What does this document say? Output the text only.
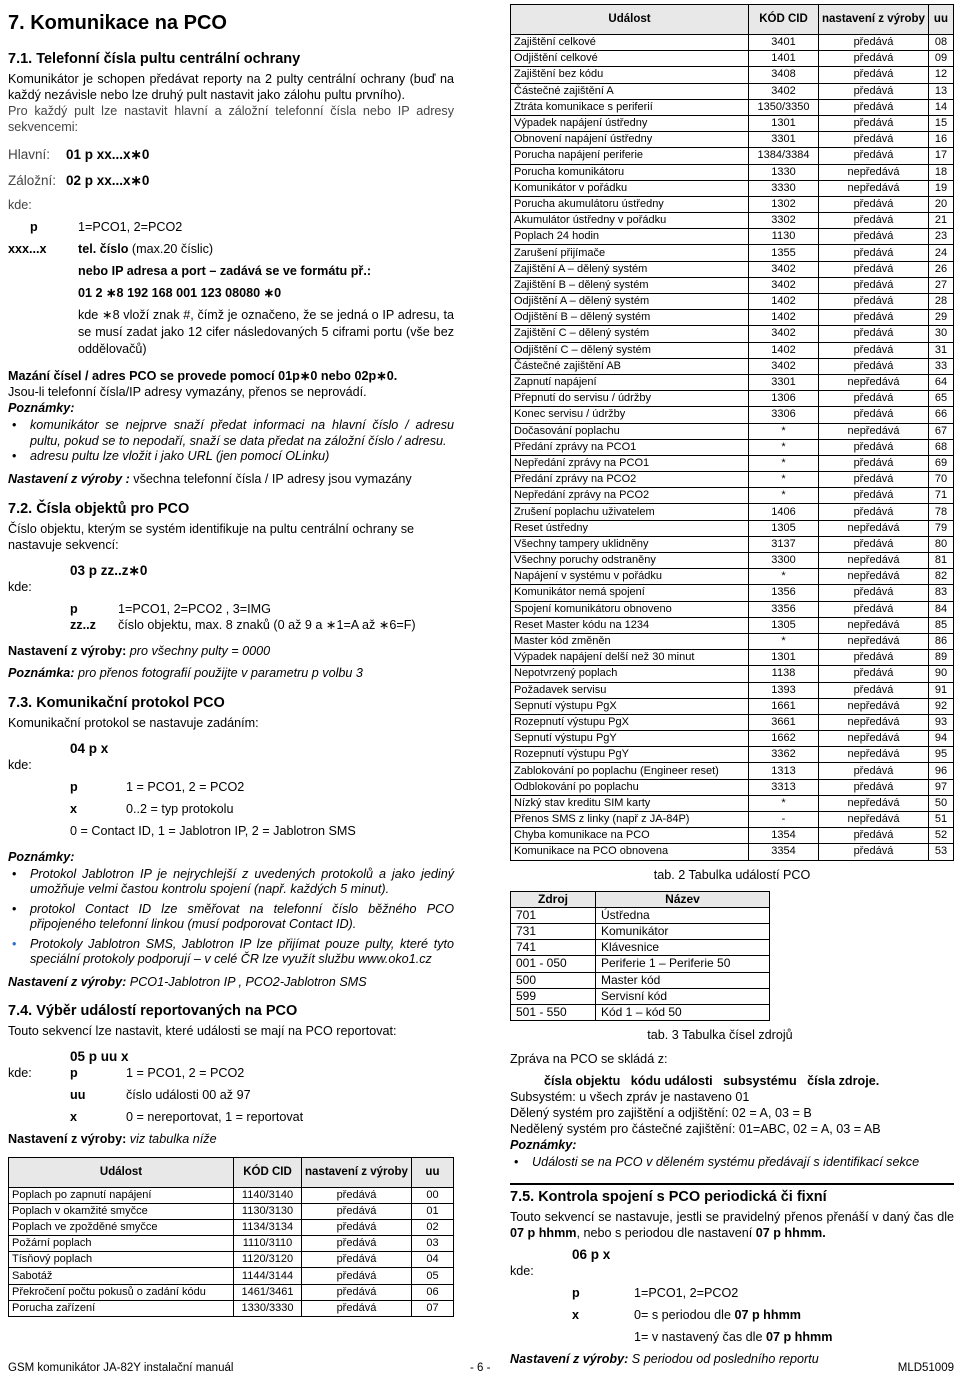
7. Komunikace na PCO
7.1. Telefonní čísla pultu centrální ochrany

Komunikátor je schopen předávat reporty na 2 pulty centrální ochrany (buď na každý nezávisle nebo lze druhý pult nastavit jako zálohu pultu prvního).

Pro každý pult lze nastavit hlavní a záložní telefonní čísla nebo IP adresy sekvencemi:

Hlavní:	01 p xx...x∗0
Záložní: 02 p xx...x∗0

kde:

p	1=PCO1, 2=PCO2
xxx...x	tel. číslo (max.20 číslic)

nebo IP adresa a port – zadává se ve formátu př.:

01 2 ∗8 192 168 001 123 08080 ∗0

kde ∗8 vloží znak #, čímž je označeno, že se jedná o IP adresu, ta se musí zadat jako 12 cifer následovaných 5 ciframi portu (vše bez oddělovačů)

Mazání čísel / adres PCO se provede pomocí 01p∗0 nebo 02p∗0.

Jsou-li telefonní čísla/IP adresy vymazány, přenos se neprovádí.

Poznámky:

• komunikátor se nejprve snaží předat informaci na hlavní číslo / adresu pultu, pokud se to nepodaří, snaží se data předat na záložní číslo / adresu.
• adresu pultu lze vložit i jako URL (jen pomocí OLinku)

Nastavení z výroby : všechna telefonní čísla / IP adresy jsou vymazány

7.2. Čísla objektů pro PCO

Číslo objektu, kterým se systém identifikuje na pultu centrální ochrany se nastavuje sekvencí:

03 p zz..z∗0

kde:

p	1=PCO1, 2=PCO2 , 3=IMG
zz..z	číslo objektu, max. 8 znaků (0 až 9 a ∗1=A až ∗6=F)

Nastavení z výroby: pro všechny pulty = 0000

Poznámka: pro přenos fotografií použijte v parametru p volbu 3

7.3. Komunikační protokol PCO

Komunikační protokol se nastavuje zadáním:

04 p x

kde:

p	1 = PCO1, 2 = PCO2
x	0..2 = typ protokolu

0 = Contact ID, 1 = Jablotron IP, 2 = Jablotron SMS

Poznámky:

• Protokol Jablotron IP je nejrychlejší z uvedených protokolů a jako jediný umožňuje velmi častou kontrolu spojení (např. každých 5 minut).
• protokol Contact ID lze směřovat na telefonní číslo běžného PCO připojeného telefonní linkou (musí podporovat Contact ID).
• Protokoly Jablotron SMS, Jablotron IP lze přijímat pouze pulty, které tyto speciální protokoly podporují – v celé ČR lze využít službu www.oko1.cz

Nastavení z výroby: PCO1-Jablotron IP , PCO2-Jablotron SMS

7.4. Výběr událostí reportovaných na PCO

Touto sekvencí lze nastavit, které události se mají na PCO reportovat:

05 p uu x

kde:	p	1 = PCO1, 2 = PCO2
uu	číslo události 00 až 97
x	0 = nereportovat, 1 = reportovat

Nastavení z výroby: viz tabulka níže

Událost	KÓD CID	nastavení z výroby	uu
Poplach po zapnutí napájení	1140/3140	předává	00
Poplach v okamžité smyčce	1130/3130	předává	01
Poplach ve zpožděné smyčce	1134/3134	předává	02
Požární poplach	1110/3110	předává	03
Tísňový poplach	1120/3120	předává	04
Sabotáž	1144/3144	předává	05
Překročení počtu pokusů o zadání kódu	1461/3461	předává	06
Porucha zařízení	1330/3330	předává	07
Událost	KÓD CID	nastavení z výroby	uu
Zajištění celkové	3401	předává	08
Odjištění celkové	1401	předává	09
Zajištění bez kódu	3408	předává	12
Částečné zajištění A	3402	předává	13
Ztráta komunikace s periferií	1350/3350	předává	14
Výpadek napájení ústředny	1301	předává	15
Obnovení napájení ústředny	3301	předává	16
Porucha napájení periferie	1384/3384	předává	17
Porucha komunikátoru	1330	nepředává	18
Komunikátor v pořádku	3330	nepředává	19
Porucha akumulátoru ústředny	1302	předává	20
Akumulátor ústředny v pořádku	3302	předává	21
Poplach 24 hodin	1130	předává	23
Zarušení přijímače	1355	předává	24
Zajištění A – dělený systém	3402	předává	26
Zajištění B – dělený systém	3402	předává	27
Odjištění A – dělený systém	1402	předává	28
Odjištění B – dělený systém	1402	předává	29
Zajištění C – dělený systém	3402	předává	30
Odjištění C – dělený systém	1402	předává	31
Částečné zajištění AB	3402	předává	33
Zapnutí napájení	3301	nepředává	64
Přepnutí do servisu / údržby	1306	předává	65
Konec servisu / údržby	3306	předává	66
Dočasování poplachu	*	nepředává	67
Předání zprávy na PCO1	*	předává	68
Nepředání zprávy na PCO1	*	předává	69
Předání zprávy na PCO2	*	předává	70
Nepředání zprávy na PCO2	*	předává	71
Zrušení poplachu uživatelem	1406	předává	78
Reset ústředny	1305	nepředává	79
Všechny tampery uklidněny	3137	předává	80
Všechny poruchy odstraněny	3300	nepředává	81
Napájení v systému v pořádku	*	nepředává	82
Komunikátor nemá spojení	1356	předává	83
Spojení komunikátoru obnoveno	3356	předává	84
Reset Master kódu na 1234	1305	nepředává	85
Master kód změněn	*	nepředává	86
Výpadek napájení delší než 30 minut	1301	předává	89
Nepotvrzený poplach	1138	předává	90
Požadavek servisu	1393	předává	91
Sepnutí výstupu PgX	1661	nepředává	92
Rozepnutí výstupu PgX	3661	nepředává	93
Sepnutí výstupu PgY	1662	nepředává	94
Rozepnutí výstupu PgY	3362	nepředává	95
Zablokování po poplachu (Engineer reset)	1313	předává	96
Odblokování po poplachu	3313	předává	97
Nízký stav kreditu SIM karty	*	nepředává	50
Přenos SMS z linky (např z JA-84P)	-	nepředává	51
Chyba komunikace na PCO	1354	předává	52
Komunikace na PCO obnovena	3354	předává	53

tab. 2 Tabulka událostí PCO

Zdroj	Název
701	Ústředna
731	Komunikátor
741	Klávesnice
001 - 050	Periferie 1 – Periferie 50
500	Master kód
599	Servisní kód
501 - 550	Kód 1 – kód 50

tab. 3 Tabulka čísel zdrojů

Zpráva na PCO se skládá z:

čísla objektu   kódu události   subsystému   čísla zdroje.

Subsystém: u všech zpráv je nastaveno 01

Dělený systém pro zajištění a odjištění: 02 = A, 03 = B

Nedělený systém pro částečné zajištění: 01=ABC, 02 = A, 03 = AB

Poznámky:

• Události se na PCO v děleném systému předávají s identifikací sekce
7.5. Kontrola spojení s PCO periodická či fixní

Touto sekvencí se nastavuje, jestli se pravidelný přenos přenáší v daný čas dle 07 p hhmm, nebo s periodou dle nastavení 07 p hhmm.

06 p x

kde:

p	1=PCO1, 2=PCO2
x	0= s periodou dle 07 p hhmm

1= v nastavený čas dle 07 p hhmm

Nastavení z výroby: S periodou od posledního reportu

GSM komunikátor JA-82Y instalační manuál	- 6 -	MLD51009
